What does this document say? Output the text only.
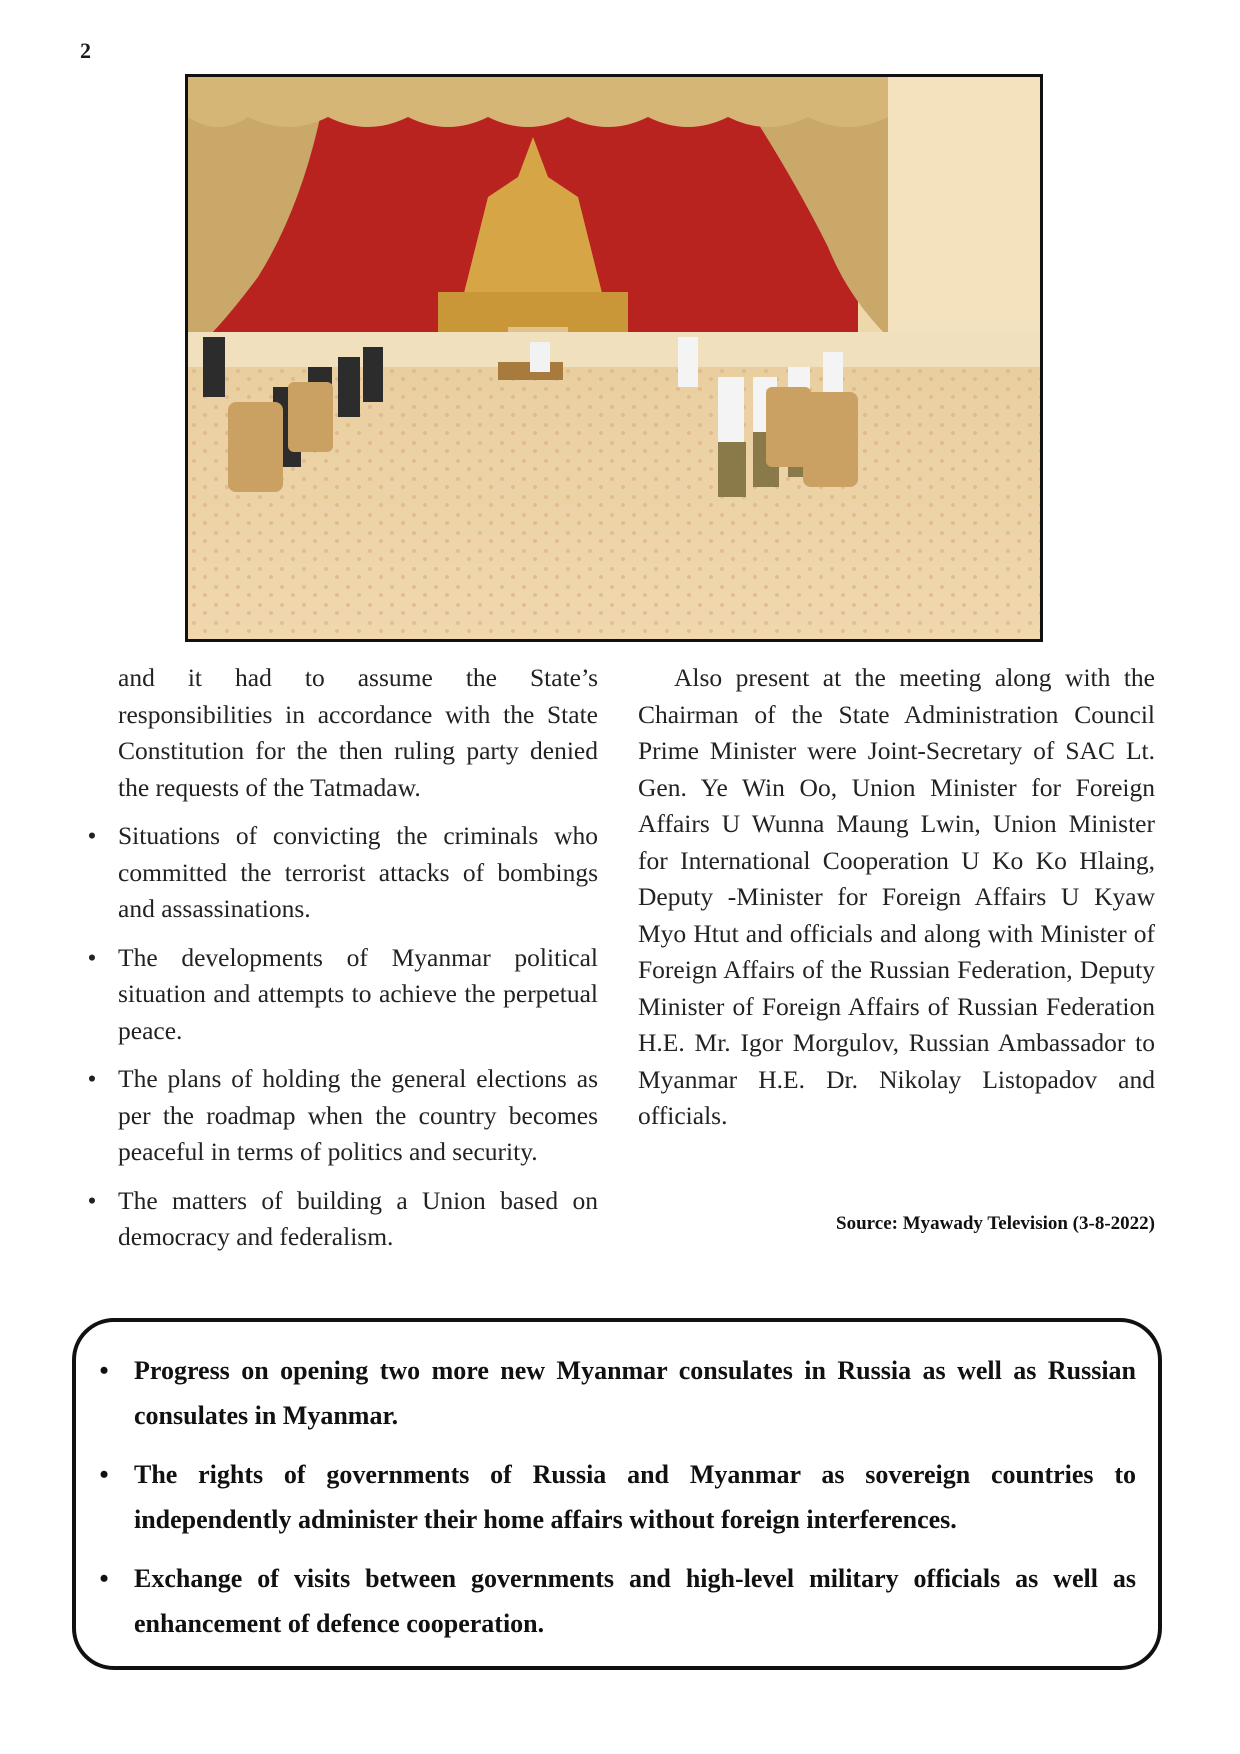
2

and it had to assume the State’s responsibilities in accordance with the State Constitution for the then ruling party denied the requests of the Tatmadaw.

• Situations of convicting the criminals who committed the terrorist attacks of bombings and assassinations.
• The developments of Myanmar political situation and attempts to achieve the perpetual peace.
• The plans of holding the general elections as per the roadmap when the country becomes peaceful in terms of politics and security.
• The matters of building a Union based on democracy and federalism.

Also present at the meeting along with the Chairman of the State Administration Council Prime Minister were Joint-Secretary of SAC Lt. Gen. Ye Win Oo, Union Minister for Foreign Affairs U Wunna Maung Lwin, Union Minister for International Cooperation U Ko Ko Hlaing, Deputy -Minister for Foreign Affairs U Kyaw Myo Htut and officials and along with Minister of Foreign Affairs of the Russian Federation, Deputy Minister of Foreign Affairs of Russian Federation H.E. Mr. Igor Morgulov, Russian Ambassador to Myanmar H.E. Dr. Nikolay Listopadov and officials.

Source: Myawady Television (3-8-2022)
• Progress on opening two more new Myanmar consulates in Russia as well as Russian consulates in Myanmar.
• The rights of governments of Russia and Myanmar as sovereign countries to independently administer their home affairs without foreign interferences.
• Exchange of visits between governments and high-level military officials as well as enhancement of defence cooperation.
